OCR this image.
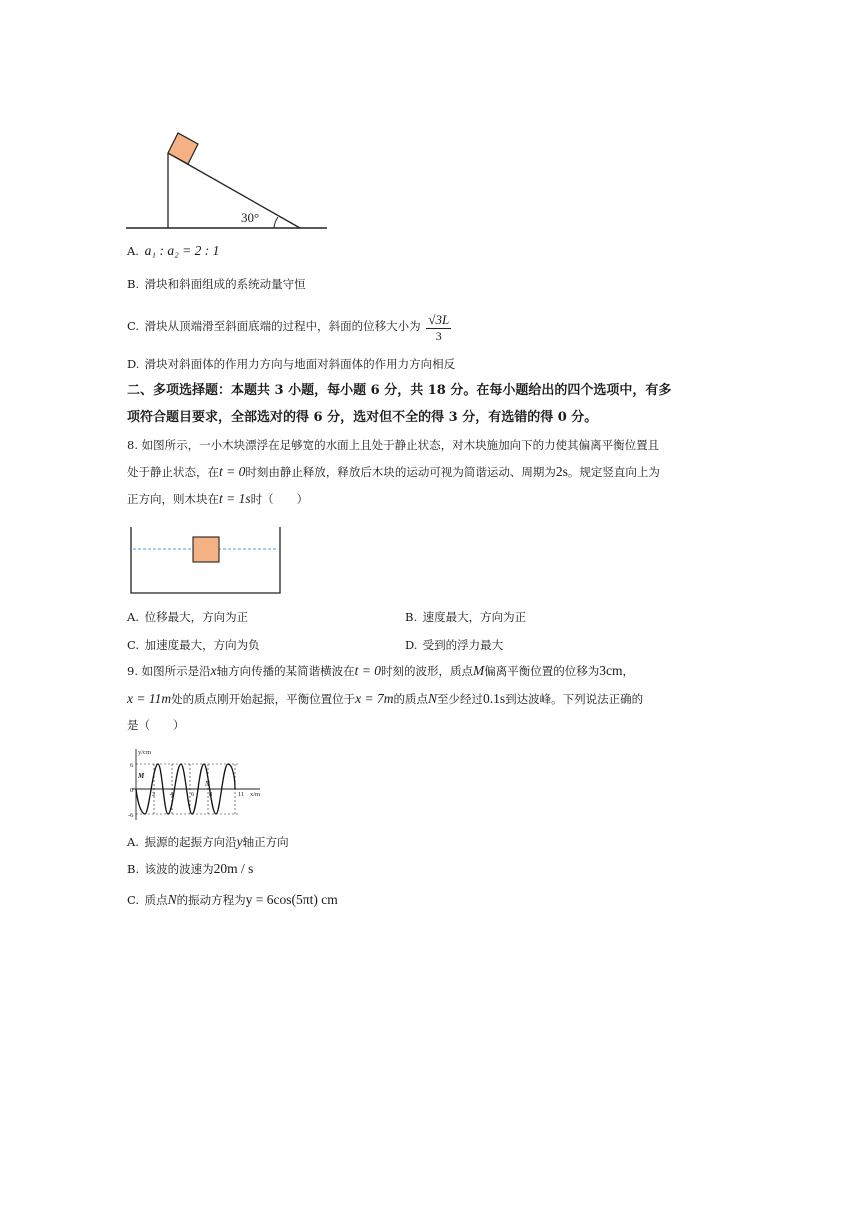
30°
A. a₁ : a₂ = 2 : 1
B. 滑块和斜面组成的系统动量守恒
C. 滑块从顶端滑至斜面底端的过程中，斜面的位移大小为 $\frac{√3L}{3}$
D. 滑块对斜面体的作用力方向与地面对斜面体的作用力方向相反
二、多项选择题：本题共 3 小题，每小题 6 分，共 18 分。在每小题给出的四个选项中，有多
项符合题目要求，全部选对的得 6 分，选对但不全的得 3 分，有选错的得 0 分。
8. 如图所示，一小木块漂浮在足够宽的水面上且处于静止状态，对木块施加向下的力使其偏离平衡位置且
处于静止状态，在t = 0时刻由静止释放，释放后木块的运动可视为简谐运动、周期为2s。规定竖直向上为
正方向，则木块在t = 1s时（　　）
A. 位移最大，方向为正	B. 速度最大，方向为正
C. 加速度最大，方向为负	D. 受到的浮力最大
9. 如图所示是沿x轴方向传播的某简谐横波在t = 0时刻的波形，质点M偏离平衡位置的位移为3cm，
x = 11m处的质点刚开始起振，平衡位置位于x = 7m的质点N至少经过0.1s到达波峰。下列说法正确的
是（　　）
y/cm
x/m
6
0
-6
2 4	6 8	11
M
N
A. 振源的起振方向沿y轴正方向
B. 该波的波速为20m / s
C. 质点N的振动方程为y = 6cos(5πt) cm
